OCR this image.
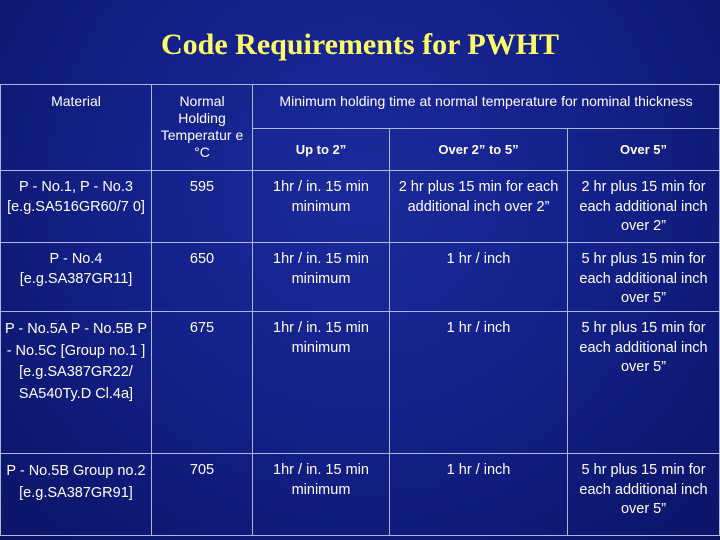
Code Requirements for PWHT
Material	Normal Holding Temperatur e °C	Minimum holding time at normal temperature for nominal thickness		
		Up to 2”	Over 2” to 5”	Over 5”
P - No.1, P - No.3 [e.g.SA516GR60/7 0]	595	1hr / in. 15 min minimum	2 hr plus 15 min for each additional inch over 2”	2 hr plus 15 min for each additional inch over 2”
P - No.4 [e.g.SA387GR11]	650	1hr / in. 15 min minimum	1 hr / inch	5 hr plus 15 min for each additional inch over 5”
P - No.5A P - No.5B P - No.5C [Group no.1 ] [e.g.SA387GR22/ SA540Ty.D Cl.4a]	675	1hr / in. 15 min minimum	1 hr / inch	5 hr plus 15 min for each additional inch over 5”
P - No.5B Group no.2 [e.g.SA387GR91]	705	1hr / in. 15 min minimum	1 hr / inch	5 hr plus 15 min for each additional inch over 5”
